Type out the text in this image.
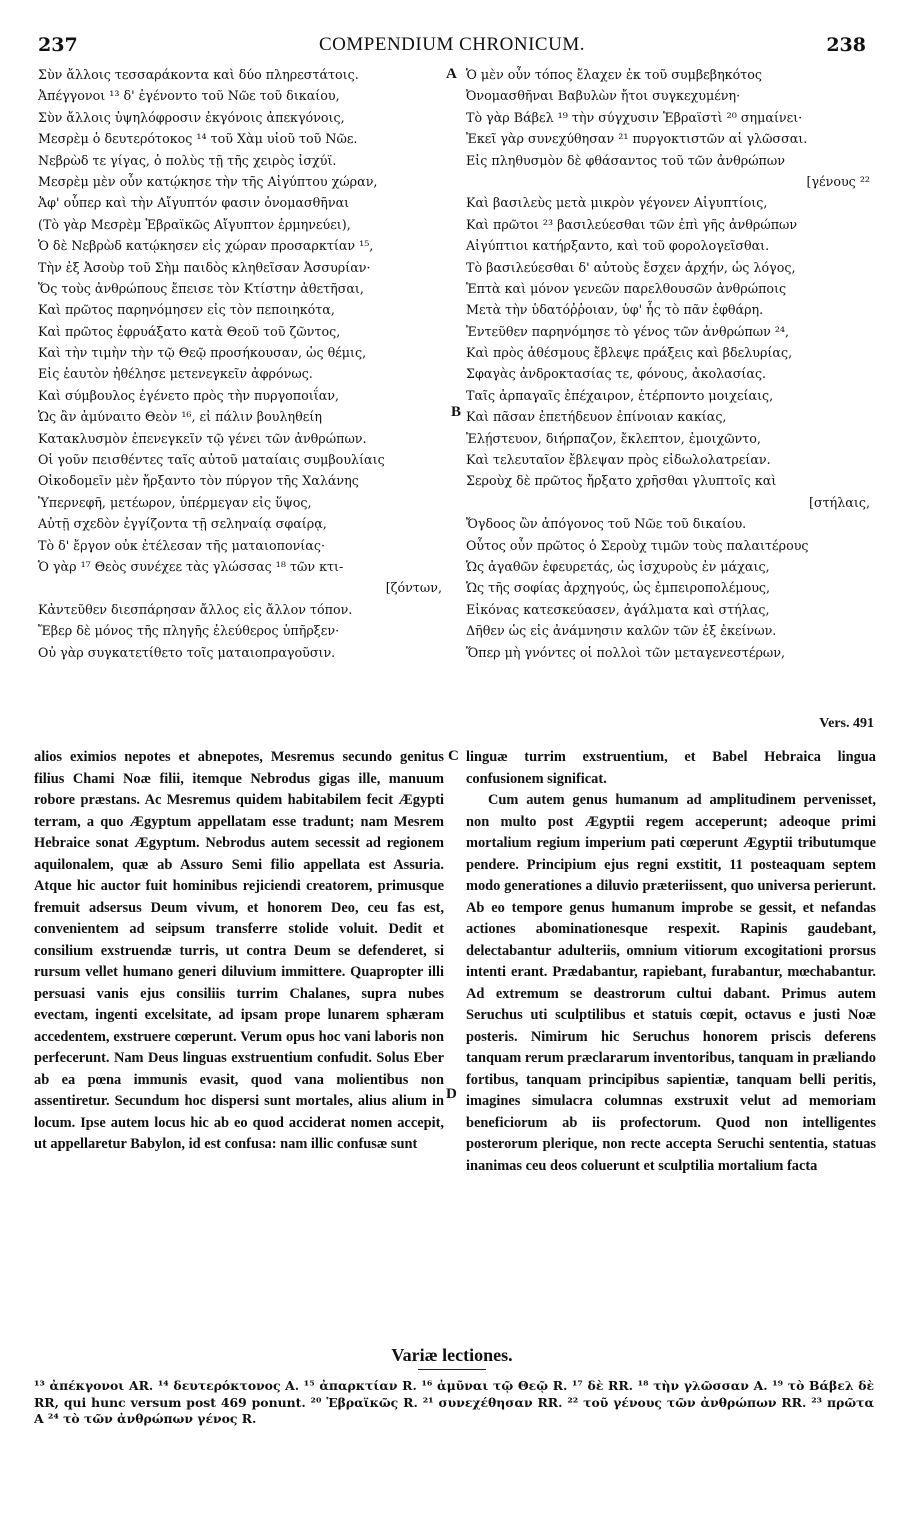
237	COMPENDIUM CHRONICUM.	238
Σὺν ἄλλοις τεσσαράκοντα καὶ δύο πληρεστάτοις.
Ἀπέγγονοι ¹³ δ' ἐγένοντο τοῦ Νῶε τοῦ δικαίου,
Σὺν ἄλλοις ὑψηλόφροσιν ἐκγόνοις ἀπεκγόνοις,
Μεσρὲμ ὁ δευτερότοκος ¹⁴ τοῦ Χὰμ υἱοῦ τοῦ Νῶε.
Νεβρὼδ τε γίγας, ὁ πολὺς τῇ τῆς χειρὸς ἰσχύϊ.
Μεσρὲμ μὲν οὖν κατῴκησε τὴν τῆς Αἰγύπτου χώραν,
Ἀφ' οὗπερ καὶ τὴν Αἴγυπτόν φασιν ὀνομασθῆναι
(Τὸ γὰρ Μεσρὲμ Ἑβραϊκῶς Αἴγυπτον ἑρμηνεύει),
Ὁ δὲ Νεβρὼδ κατῴκησεν εἰς χώραν προσαρκτίαν ¹⁵,
Τὴν ἐξ Ἀσοὺρ τοῦ Σὴμ παιδὸς κληθεῖσαν Ἀσσυρίαν·
Ὅς τοὺς ἀνθρώπους ἔπεισε τὸν Κτίστην ἀθετῆσαι,
Καὶ πρῶτος παρηνόμησεν εἰς τὸν πεποιηκότα,
Καὶ πρῶτος ἐφρυάξατο κατὰ Θεοῦ τοῦ ζῶντος,
Καὶ τὴν τιμὴν τὴν τῷ Θεῷ προσήκουσαν, ὡς θέμις,
Εἰς ἑαυτὸν ἠθέλησε μετενεγκεῖν ἀφρόνως.
Καὶ σύμβουλος ἐγένετο πρὸς τὴν πυργοποιΐαν,
Ὡς ἂν ἀμύναιτο Θεὸν ¹⁶, εἰ πάλιν βουληθείη
Κατακλυσμὸν ἐπενεγκεῖν τῷ γένει τῶν ἀνθρώπων.
Οἱ γοῦν πεισθέντες ταῖς αὐτοῦ ματαίαις συμβουλίαις
Οἰκοδομεῖν μὲν ἤρξαντο τὸν πύργον τῆς Χαλάνης
Ὑπερνεφῆ, μετέωρον, ὑπέρμεγαν εἰς ὕψος,
Αὐτῇ σχεδὸν ἐγγίζοντα τῇ σεληναίᾳ σφαίρᾳ,
Τὸ δ' ἔργον οὐκ ἐτέλεσαν τῆς ματαιοπονίας·
Ὁ γὰρ ¹⁷ Θεὸς συνέχεε τὰς γλώσσας ¹⁸ τῶν κτι-
[ζόντων,
Κἀντεῦθεν διεσπάρησαν ἄλλος εἰς ἄλλον τόπον.
Ἔβερ δὲ μόνος τῆς πληγῆς ἐλεύθερος ὑπῆρξεν·
Οὐ γὰρ συγκατετίθετο τοῖς ματαιοπραγοῦσιν.
Ὁ μὲν οὖν τόπος ἔλαχεν ἐκ τοῦ συμβεβηκότος
Ὀνομασθῆναι Βαβυλὼν ἤτοι συγκεχυμένη·
Τὸ γὰρ Βάβελ ¹⁹ τὴν σύγχυσιν Ἑβραϊστὶ ²⁰ σημαίνει·
Ἐκεῖ γὰρ συνεχύθησαν ²¹ πυργοκτιστῶν αἱ γλῶσσαι.
Εἰς πληθυσμὸν δὲ φθάσαντος τοῦ τῶν ἀνθρώπων
[γένους ²²
Καὶ βασιλεὺς μετὰ μικρὸν γέγονεν Αἰγυπτίοις,
Καὶ πρῶτοι ²³ βασιλεύεσθαι τῶν ἐπὶ γῆς ἀνθρώπων
Αἰγύπτιοι κατήρξαντο, καὶ τοῦ φορολογεῖσθαι.
Τὸ βασιλεύεσθαι δ' αὐτοὺς ἔσχεν ἀρχήν, ὡς λόγος,
Ἑπτὰ καὶ μόνον γενεῶν παρελθουσῶν ἀνθρώποις
Μετὰ τὴν ὑδατόῤῥοιαν, ὑφ' ἧς τὸ πᾶν ἐφθάρη.
Ἐντεῦθεν παρηνόμησε τὸ γένος τῶν ἀνθρώπων ²⁴,
Καὶ πρὸς ἀθέσμους ἔβλεψε πράξεις καὶ βδελυρίας,
Σφαγὰς ἀνδροκτασίας τε, φόνους, ἀκολασίας.
Ταῖς ἁρπαγαῖς ἐπέχαιρον, ἐτέρποντο μοιχείαις,
Καὶ πᾶσαν ἐπετήδευον ἐπίνοιαν κακίας,
Ἐλῄστευον, διήρπαζον, ἔκλεπτον, ἐμοιχῶντο,
Καὶ τελευταῖον ἔβλεψαν πρὸς εἰδωλολατρείαν.
Σεροὺχ δὲ πρῶτος ἤρξατο χρῆσθαι γλυπτοῖς καὶ
[στήλαις,
Ὄγδοος ὢν ἀπόγονος τοῦ Νῶε τοῦ δικαίου.
Οὗτος οὖν πρῶτος ὁ Σεροὺχ τιμῶν τοὺς παλαιτέρους
Ὡς ἀγαθῶν ἐφευρετάς, ὡς ἰσχυροὺς ἐν μάχαις,
Ὡς τῆς σοφίας ἀρχηγούς, ὡς ἐμπειροπολέμους,
Εἰκόνας κατεσκεύασεν, ἀγάλματα καὶ στήλας,
Δῆθεν ὡς εἰς ἀνάμνησιν καλῶν τῶν ἐξ ἐκείνων.
Ὅπερ μὴ γνόντες οἱ πολλοὶ τῶν μεταγενεστέρων,
A
B
C
D
Vers. 491

alios eximios nepotes et abnepotes, Mesremus secundo genitus filius Chami Noæ filii, itemque Nebrodus gigas ille, manuum robore præstans. Ac Mesremus quidem habitabilem fecit Ægypti terram, a quo Ægyptum appellatam esse tradunt; nam Mesrem Hebraice sonat Ægyptum. Nebrodus autem secessit ad regionem aquilonalem, quæ ab Assuro Semi filio appellata est Assuria. Atque hic auctor fuit hominibus rejiciendi creatorem, primusque fremuit adsersus Deum vivum, et honorem Deo, ceu fas est, convenientem ad seipsum transferre stolide voluit. Dedit et consilium exstruendæ turris, ut contra Deum se defenderet, si rursum vellet humano generi diluvium immittere. Quapropter illi persuasi vanis ejus consiliis turrim Chalanes, supra nubes evectam, ingenti excelsitate, ad ipsam prope lunarem sphæram accedentem, exstruere cœperunt. Verum opus hoc vani laboris non perfecerunt. Nam Deus linguas exstruentium confudit. Solus Eber ab ea pœna immunis evasit, quod vana molientibus non assentiretur. Secundum hoc dispersi sunt mortales, alius alium in locum. Ipse autem locus hic ab eo quod acciderat nomen accepit, ut appellaretur Babylon, id est confusa: nam illic confusæ sunt

linguæ turrim exstruentium, et Babel Hebraica lingua confusionem significat.

Cum autem genus humanum ad amplitudinem pervenisset, non multo post Ægyptii regem acceperunt; adeoque primi mortalium regium imperium pati cœperunt Ægyptii tributumque pendere. Principium ejus regni exstitit, 11 posteaquam septem modo generationes a diluvio præteriissent, quo universa perierunt. Ab eo tempore genus humanum improbe se gessit, et nefandas actiones abominationesque respexit. Rapinis gaudebant, delectabantur adulteriis, omnium vitiorum excogitationi prorsus intenti erant. Prædabantur, rapiebant, furabantur, mœchabantur. Ad extremum se deastrorum cultui dabant. Primus autem Seruchus uti sculptilibus et statuis cœpit, octavus e justi Noæ posteris. Nimirum hic Seruchus honorem priscis deferens tanquam rerum præclararum inventoribus, tanquam in præliando fortibus, tanquam principibus sapientiæ, tanquam belli peritis, imagines simulacra columnas exstruxit velut ad memoriam beneficiorum ab iis profectorum. Quod non intelligentes posterorum plerique, non recte accepta Seruchi sententia, statuas inanimas ceu deos coluerunt et sculptilia mortalium facta

Variæ lectiones.
¹³ ἀπέκγονοι AR. ¹⁴ δευτερόκτονος A. ¹⁵ ἀπαρκτίαν R. ¹⁶ ἀμῦναι τῷ Θεῷ R. ¹⁷ δὲ RR. ¹⁸ τὴν γλῶσσαν A. ¹⁹ τὸ Βάβελ δὲ RR, qui hunc versum post 469 ponunt. ²⁰ Ἑβραϊκῶς R. ²¹ συνεχέθησαν RR. ²² τοῦ γένους τῶν ἀνθρώπων RR. ²³ πρῶτα A ²⁴ τὸ τῶν ἀνθρώπων γένος R.
